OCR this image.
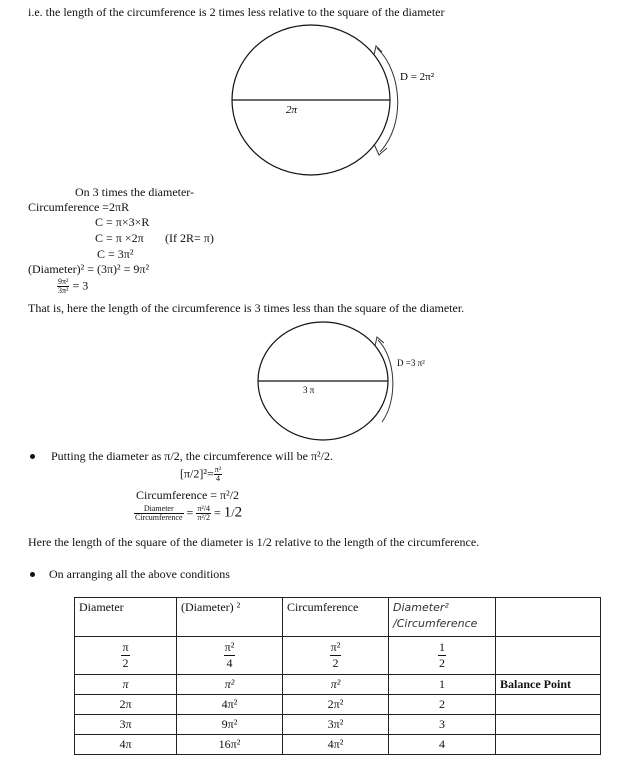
i.e. the length of the circumference is 2 times less relative to the square of the diameter
2π
D = 2π²
On 3 times the diameter-
Circumference =2πR
C = π×3×R
C = π ×2π (If 2R= π)
C = 3π²
(Diameter)² = (3π)² = 9π²
$\frac{\text{9π²}}{\text{3π²}} = 3$
That is, here the length of the circumference is 3 times less than the square of the diameter.
3 π
D =3 π²
Putting the diameter as π/2, the circumference will be π²/2.
$[\pi/2]^2= \frac{\text{π²}}{4}$
Circumference = π²/2
$\frac{\text{Diameter}}{\text{Circumference}} = \frac{\text{π²/4}}{\text{π²/2}} = 1/2$
Here the length of the square of the diameter is 1/2 relative to the length of the circumference.
On arranging all the above conditions
Diameter	(Diameter) ²	Circumference	Diameter²
/Circumference	

$\frac{\pi}{2}$	$\frac{\text{π²}}{4}$	$\frac{\text{π²}}{2}$	$\frac{1}{2}$

π	π²	π²	1	Balance Point
2π	4π²	2π²	2	
3π	9π²	3π²	3	
4π	16π²	4π²	4	
